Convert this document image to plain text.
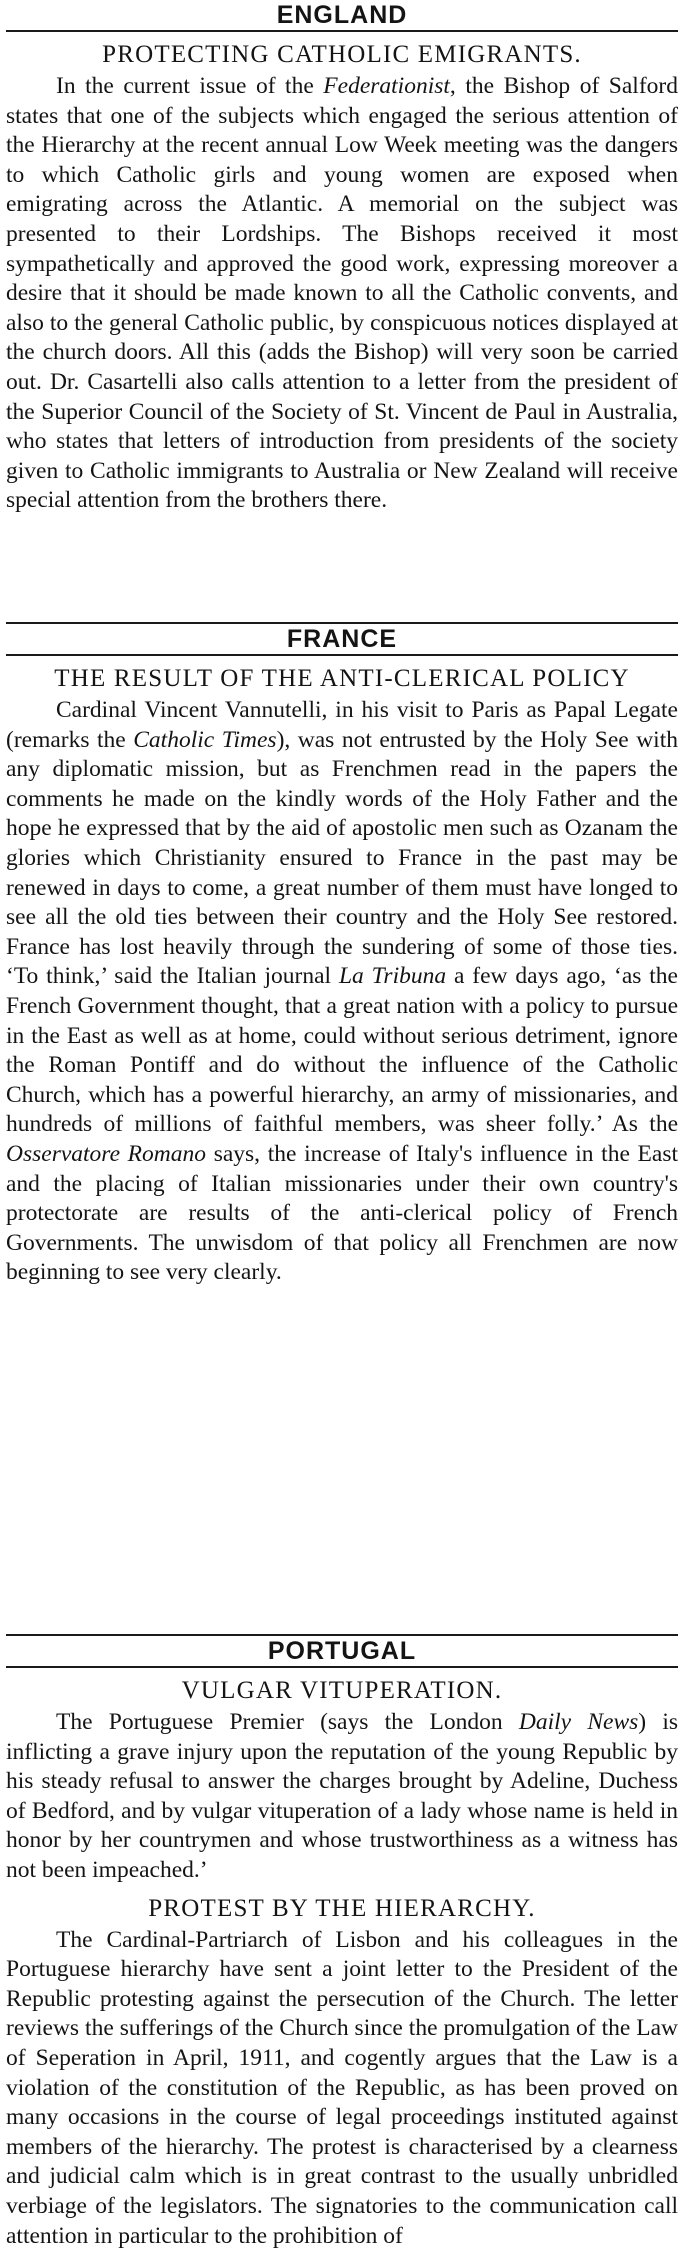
ENGLAND
PROTECTING CATHOLIC EMIGRANTS.

In the current issue of the Federationist, the Bishop of Salford states that one of the subjects which engaged the serious attention of the Hierarchy at the recent annual Low Week meeting was the dangers to which Catholic girls and young women are exposed when emigrating across the Atlantic. A memorial on the subject was presented to their Lordships. The Bishops received it most sympathetically and approved the good work, expressing moreover a desire that it should be made known to all the Catholic convents, and also to the general Catholic public, by conspicuous notices displayed at the church doors. All this (adds the Bishop) will very soon be carried out. Dr. Casartelli also calls attention to a letter from the president of the Superior Council of the Society of St. Vincent de Paul in Australia, who states that letters of introduction from presidents of the society given to Catholic immigrants to Australia or New Zealand will receive special attention from the brothers there.

FRANCE
THE RESULT OF THE ANTI-CLERICAL POLICY

Cardinal Vincent Vannutelli, in his visit to Paris as Papal Legate (remarks the Catholic Times), was not entrusted by the Holy See with any diplomatic mission, but as Frenchmen read in the papers the comments he made on the kindly words of the Holy Father and the hope he expressed that by the aid of apostolic men such as Ozanam the glories which Christianity ensured to France in the past may be renewed in days to come, a great number of them must have longed to see all the old ties between their country and the Holy See restored. France has lost heavily through the sundering of some of those ties. ‘To think,’ said the Italian journal La Tribuna a few days ago, ‘as the French Government thought, that a great nation with a policy to pursue in the East as well as at home, could without serious detriment, ignore the Roman Pontiff and do without the influence of the Catholic Church, which has a powerful hierarchy, an army of missionaries, and hundreds of millions of faithful members, was sheer folly.’ As the Osservatore Romano says, the increase of Italy's influence in the East and the placing of Italian missionaries under their own country's protectorate are results of the anti-clerical policy of French Governments. The unwisdom of that policy all Frenchmen are now beginning to see very clearly.

PORTUGAL
VULGAR VITUPERATION.

The Portuguese Premier (says the London Daily News) is inflicting a grave injury upon the reputation of the young Republic by his steady refusal to answer the charges brought by Adeline, Duchess of Bedford, and by vulgar vituperation of a lady whose name is held in honor by her countrymen and whose trustworthiness as a witness has not been impeached.’

PROTEST BY THE HIERARCHY.

The Cardinal-Partriarch of Lisbon and his colleagues in the Portuguese hierarchy have sent a joint letter to the President of the Republic protesting against the persecution of the Church. The letter reviews the sufferings of the Church since the promulgation of the Law of Seperation in April, 1911, and cogently argues that the Law is a violation of the constitution of the Republic, as has been proved on many occasions in the course of legal proceedings instituted against members of the hierarchy. The protest is characterised by a clearness and judicial calm which is in great contrast to the usually unbridled verbiage of the legislators. The signatories to the communication call attention in particular to the prohibition of
